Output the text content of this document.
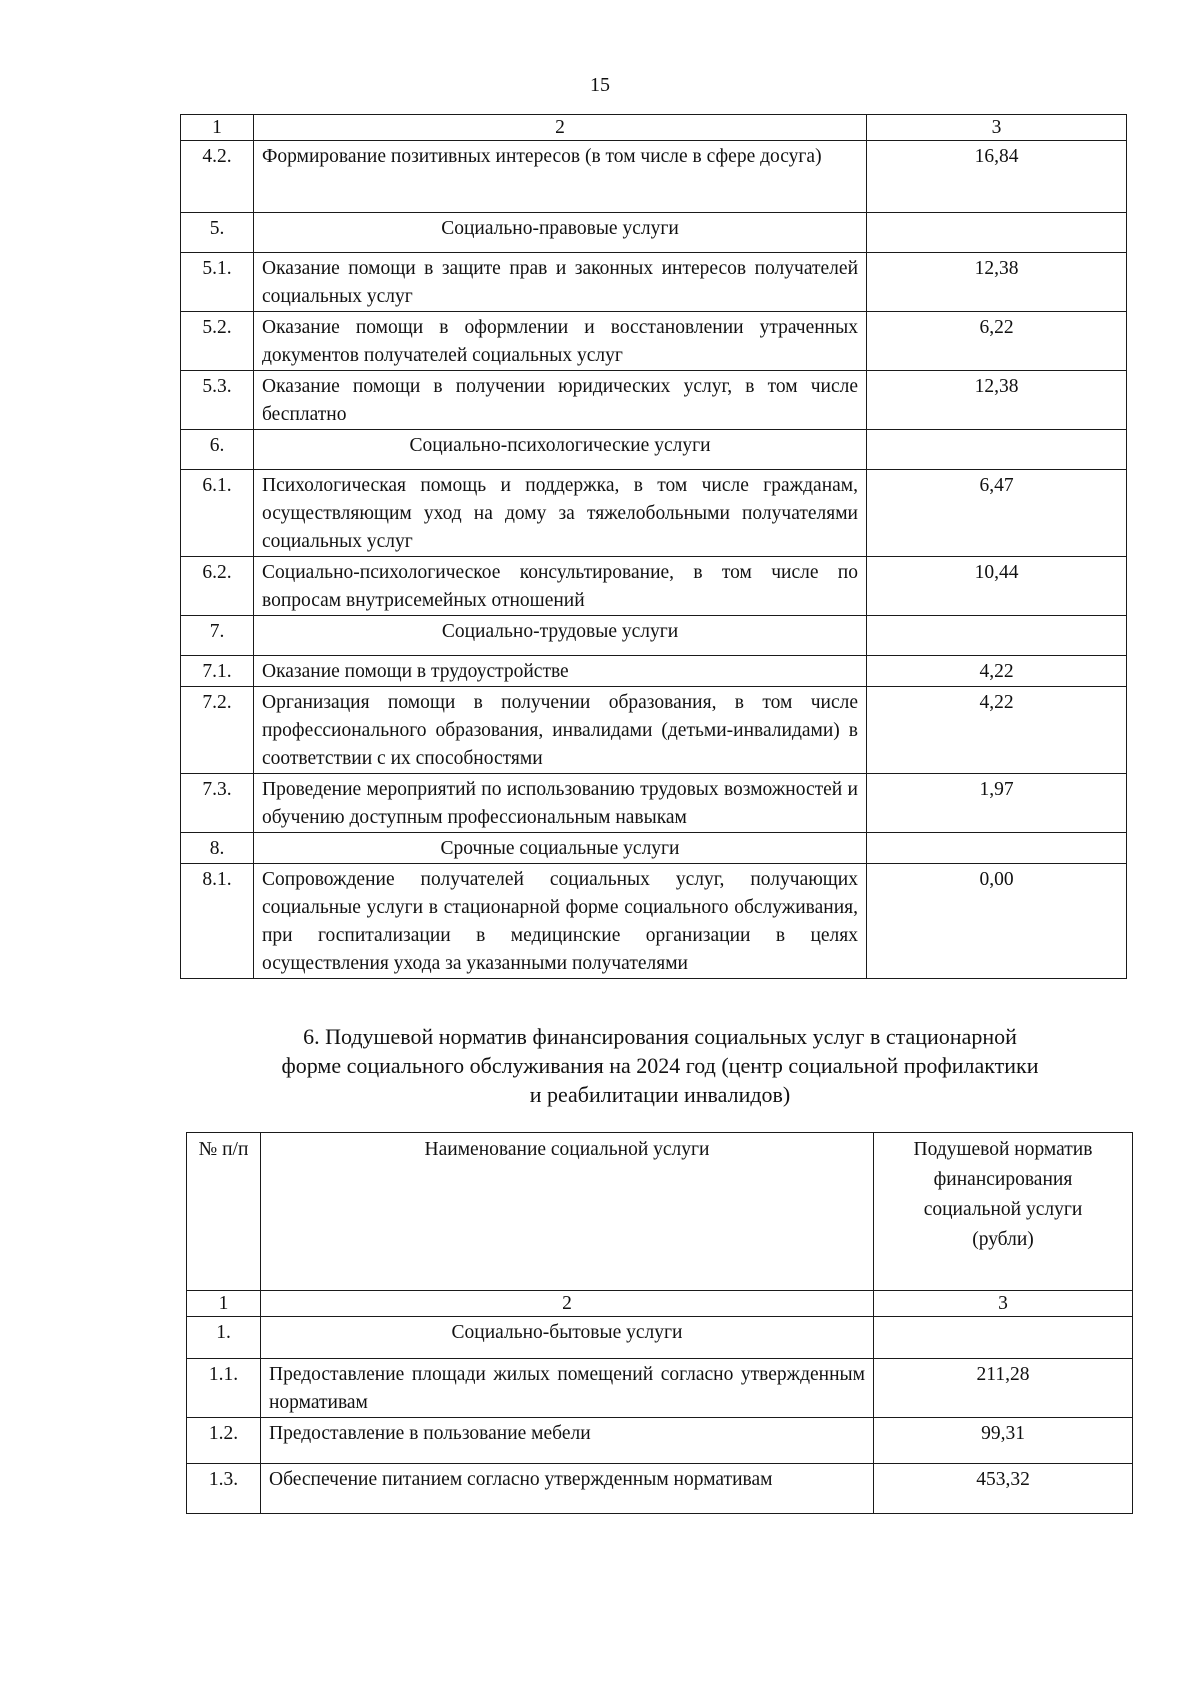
15
1	2	3
4.2.	Формирование позитивных интересов (в том числе в сфере досуга)	16,84
5.	Социально-правовые услуги	
5.1.	Оказание помощи в защите прав и законных интересов получателей социальных услуг	12,38
5.2.	Оказание помощи в оформлении и восстановлении утраченных документов получателей социальных услуг	6,22
5.3.	Оказание помощи в получении юридических услуг, в том числе бесплатно	12,38
6.	Социально-психологические услуги	
6.1.	Психологическая помощь и поддержка, в том числе гражданам, осуществляющим уход на дому за тяжелобольными получателями социальных услуг	6,47
6.2.	Социально-психологическое консультирование, в том числе по вопросам внутрисемейных отношений	10,44
7.	Социально-трудовые услуги	
7.1.	Оказание помощи в трудоустройстве	4,22
7.2.	Организация помощи в получении образования, в том числе профессионального образования, инвалидами (детьми-инвалидами) в соответствии с их способностями	4,22
7.3.	Проведение мероприятий по использованию трудовых возможностей и обучению доступным профессиональным навыкам	1,97
8.	Срочные социальные услуги	
8.1.	Сопровождение получателей социальных услуг, получающих социальные услуги в стационарной форме социального обслуживания, при госпитализации в медицинские организации в целях осуществления ухода за указанными получателями	0,00
6. Подушевой норматив финансирования социальных услуг в стационарной
форме социального обслуживания на 2024 год (центр социальной профилактики
и реабилитации инвалидов)
№ п/п	Наименование социальной услуги	Подушевой норматив финансирования социальной услуги (рубли)
1	2	3
1.	Социально-бытовые услуги	
1.1.	Предоставление площади жилых помещений согласно утвержденным нормативам	211,28
1.2.	Предоставление в пользование мебели	99,31
1.3.	Обеспечение питанием согласно утвержденным нормативам	453,32
